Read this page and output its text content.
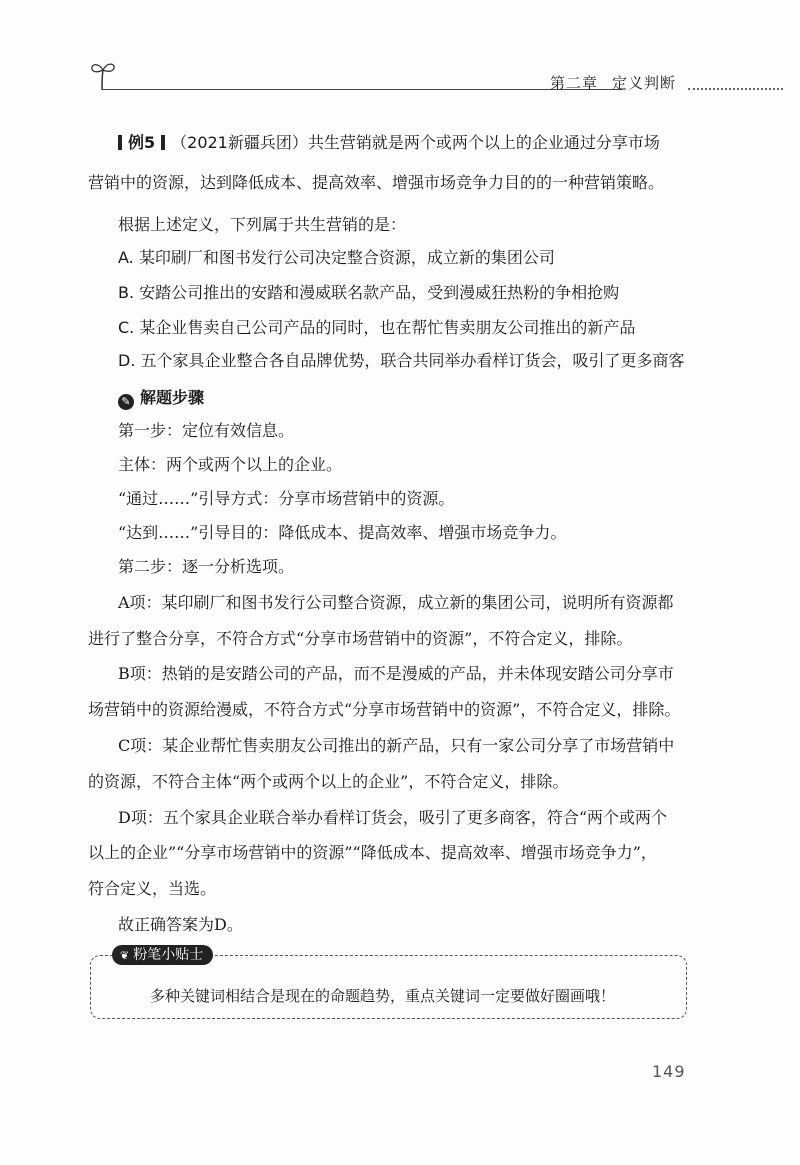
第二章 定义判断
例5 （2021新疆兵团）共生营销就是两个或两个以上的企业通过分享市场
营销中的资源，达到降低成本、提高效率、增强市场竞争力目的的一种营销策略。
根据上述定义，下列属于共生营销的是：
A. 某印刷厂和图书发行公司决定整合资源，成立新的集团公司
B. 安踏公司推出的安踏和漫威联名款产品，受到漫威狂热粉的争相抢购
C. 某企业售卖自己公司产品的同时，也在帮忙售卖朋友公司推出的新产品
D. 五个家具企业整合各自品牌优势，联合共同举办看样订货会，吸引了更多商客
✎ 解题步骤
第一步：定位有效信息。
主体：两个或两个以上的企业。
“通过……”引导方式：分享市场营销中的资源。
“达到……”引导目的：降低成本、提高效率、增强市场竞争力。
第二步：逐一分析选项。
A项：某印刷厂和图书发行公司整合资源，成立新的集团公司，说明所有资源都
进行了整合分享，不符合方式“分享市场营销中的资源”，不符合定义，排除。
B项：热销的是安踏公司的产品，而不是漫威的产品，并未体现安踏公司分享市
场营销中的资源给漫威，不符合方式“分享市场营销中的资源”，不符合定义，排除。
C项：某企业帮忙售卖朋友公司推出的新产品，只有一家公司分享了市场营销中
的资源，不符合主体“两个或两个以上的企业”，不符合定义，排除。
D项：五个家具企业联合举办看样订货会，吸引了更多商客，符合“两个或两个
以上的企业”“分享市场营销中的资源”“降低成本、提高效率、增强市场竞争力”，
符合定义，当选。
故正确答案为D。
❦ 粉笔小贴士
多种关键词相结合是现在的命题趋势，重点关键词一定要做好圈画哦！
149
